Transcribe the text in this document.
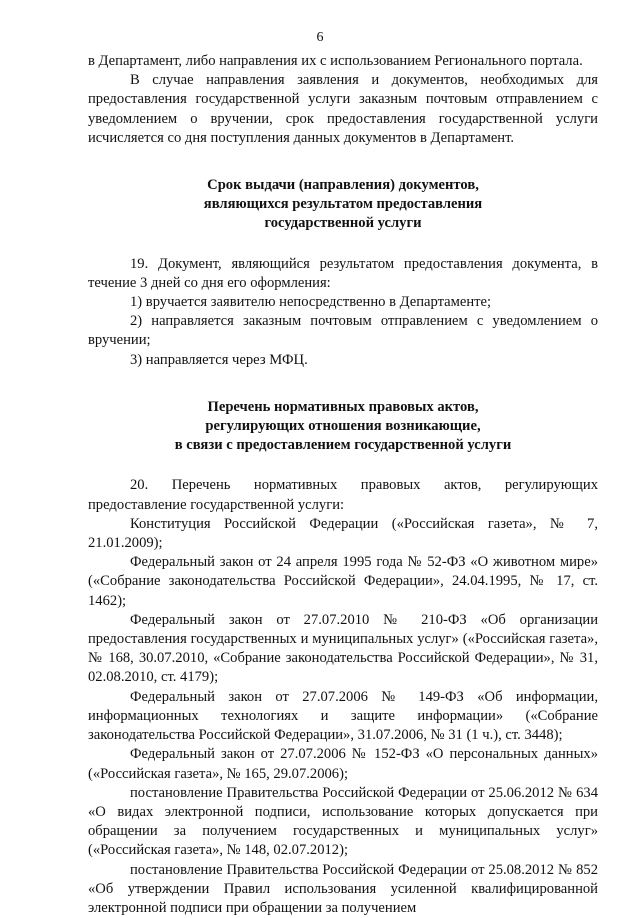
6

в Департамент, либо направления их с использованием Регионального портала.

В случае направления заявления и документов, необходимых для предоставления государственной услуги заказным почтовым отправлением с уведомлением о вручении, срок предоставления государственной услуги исчисляется со дня поступления данных документов в Департамент.

Срок выдачи (направления) документов,
являющихся результатом предоставления
государственной услуги

19. Документ, являющийся результатом предоставления документа, в течение 3 дней со дня его оформления:

1) вручается заявителю непосредственно в Департаменте;

2) направляется заказным почтовым отправлением с уведомлением о вручении;

3) направляется через МФЦ.

Перечень нормативных правовых актов,
регулирующих отношения возникающие,
в связи с предоставлением государственной услуги

20. Перечень нормативных правовых актов, регулирующих предоставление государственной услуги:

Конституция Российской Федерации («Российская газета», № 7, 21.01.2009);

Федеральный закон от 24 апреля 1995 года № 52-ФЗ «О животном мире» («Собрание законодательства Российской Федерации», 24.04.1995, № 17, ст. 1462);

Федеральный закон от 27.07.2010 № 210-ФЗ «Об организации предоставления государственных и муниципальных услуг» («Российская газета», № 168, 30.07.2010, «Собрание законодательства Российской Федерации», № 31, 02.08.2010, ст. 4179);

Федеральный закон от 27.07.2006 № 149-ФЗ «Об информации, информационных технологиях и защите информации» («Собрание законодательства Российской Федерации», 31.07.2006, № 31 (1 ч.), ст. 3448);

Федеральный закон от 27.07.2006 № 152-ФЗ «О персональных данных» («Российская газета», № 165, 29.07.2006);

постановление Правительства Российской Федерации от 25.06.2012 № 634 «О видах электронной подписи, использование которых допускается при обращении за получением государственных и муниципальных услуг» («Российская газета», № 148, 02.07.2012);

постановление Правительства Российской Федерации от 25.08.2012 № 852 «Об утверждении Правил использования усиленной квалифицированной электронной подписи при обращении за получением
